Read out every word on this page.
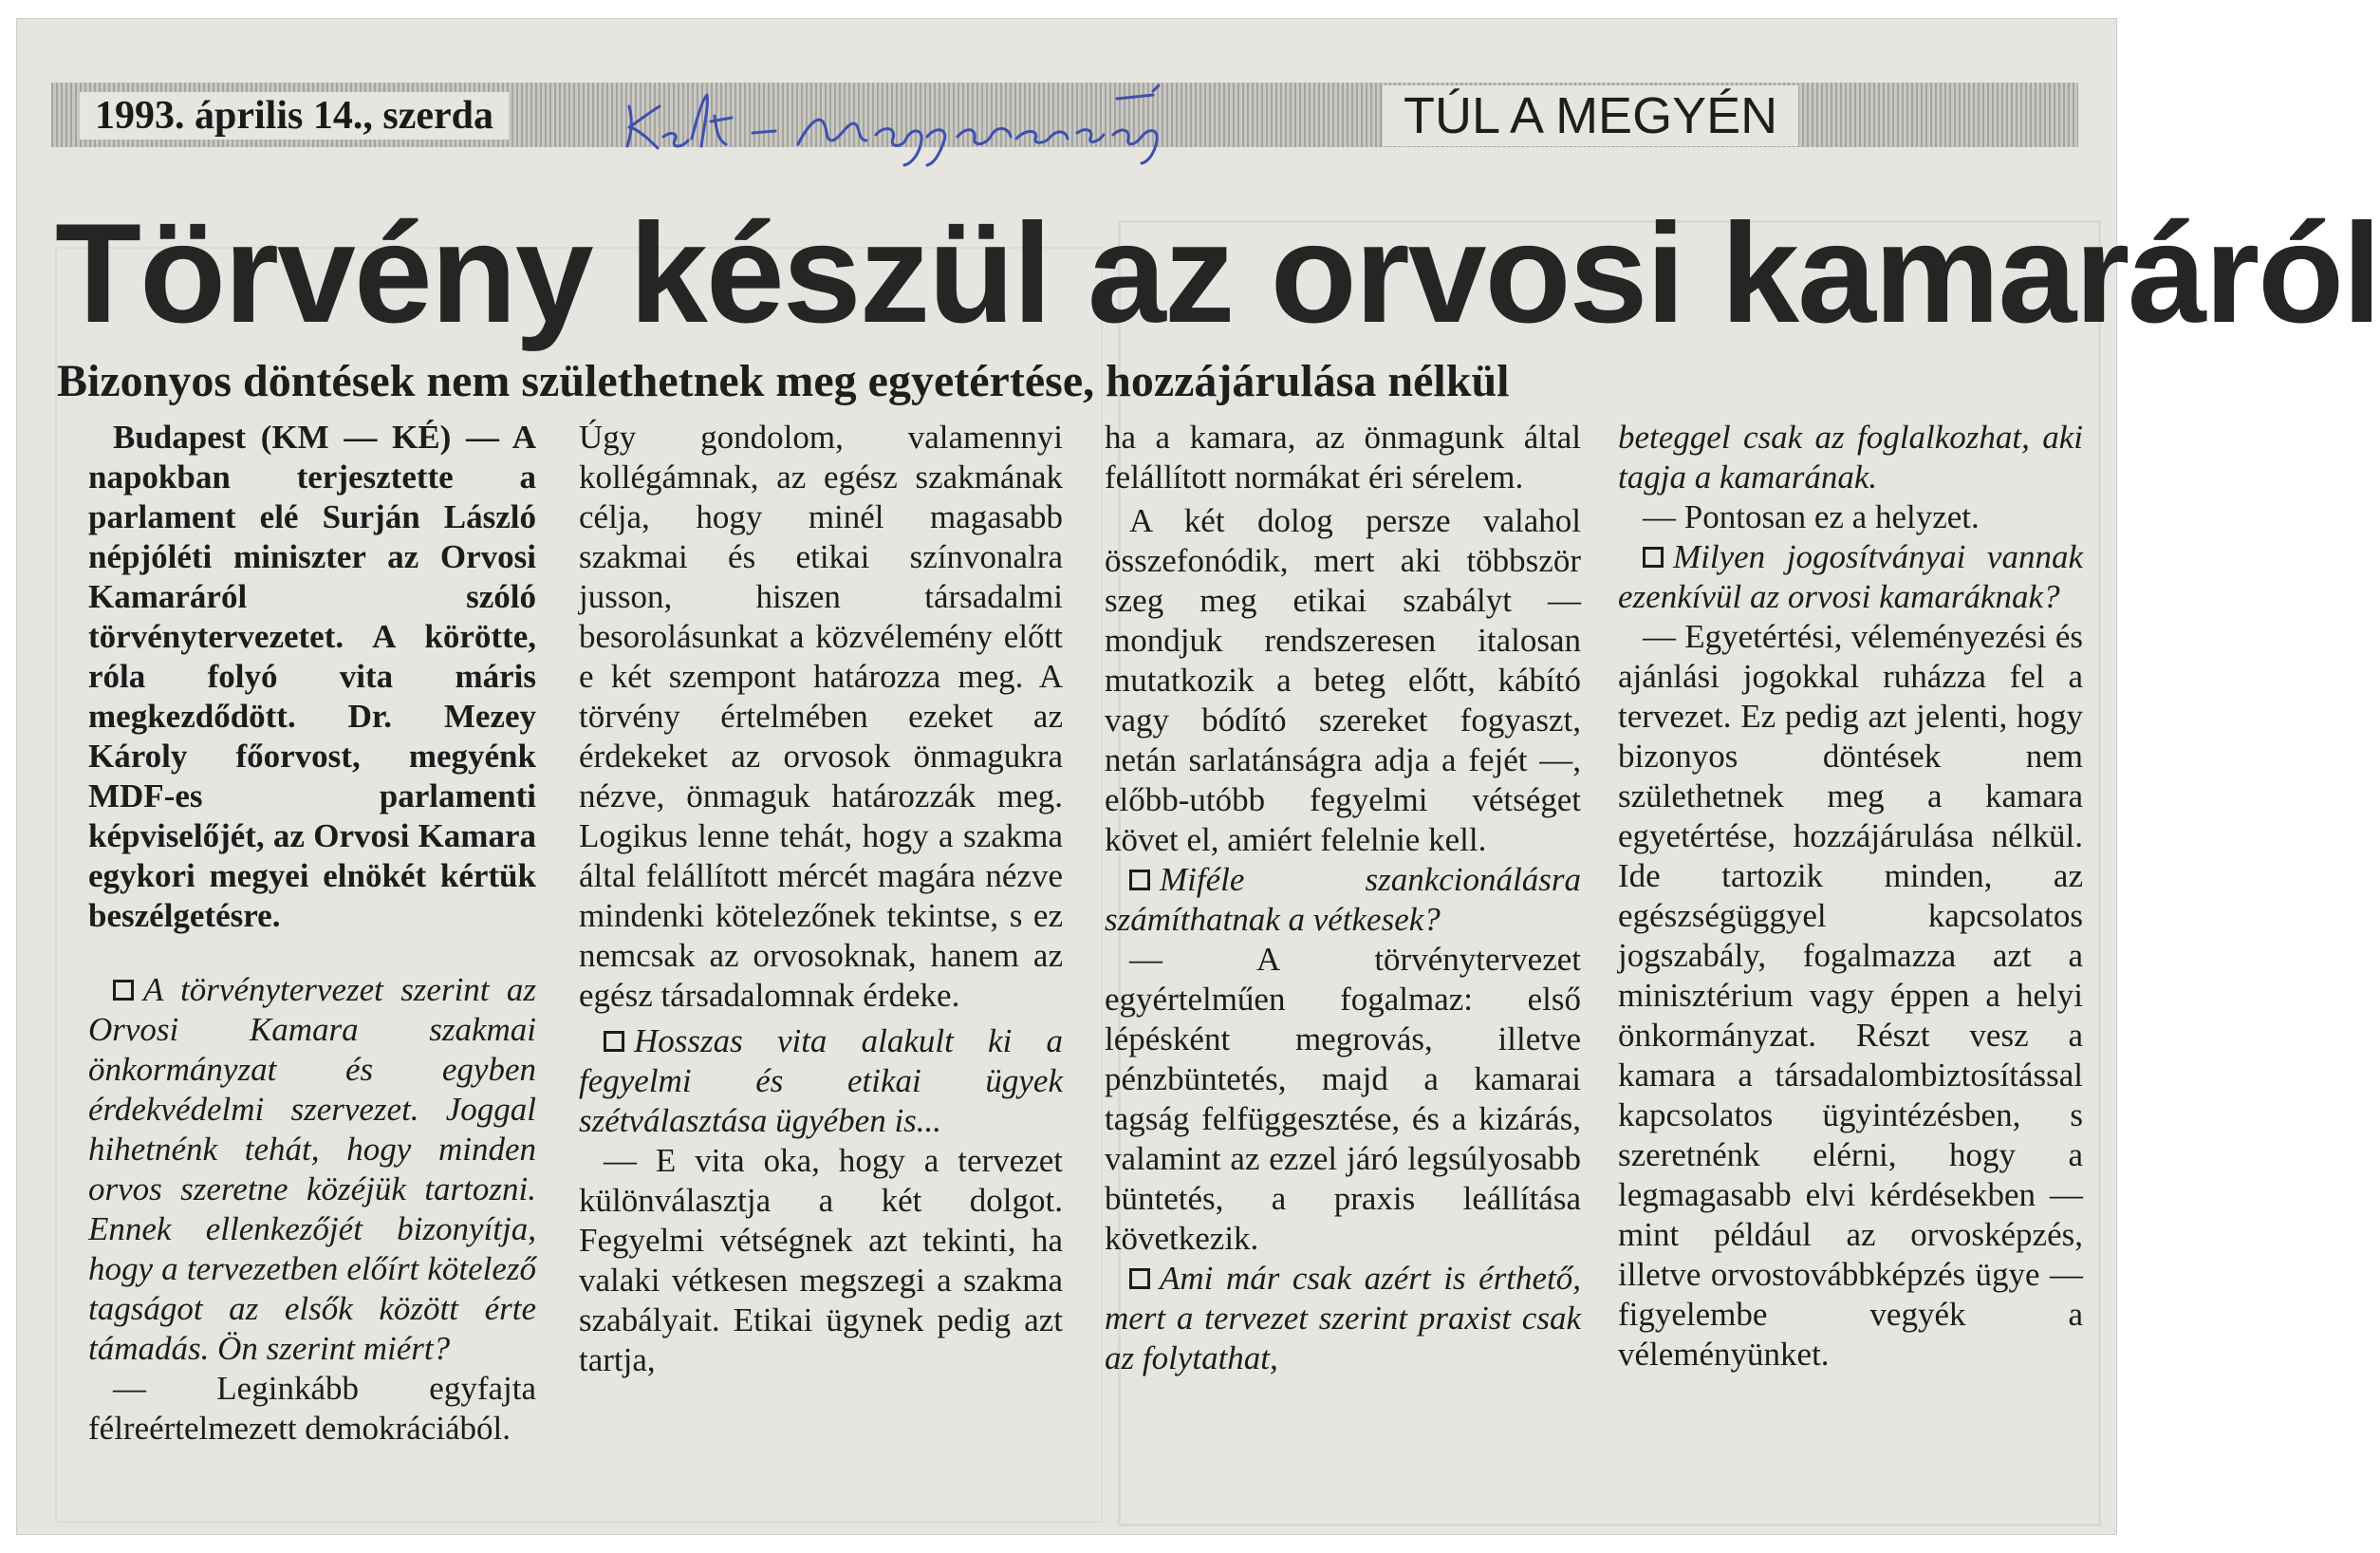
1993. április 14., szerda	TÚL A MEGYÉN
Törvény készül az orvosi kamaráról
Bizonyos döntések nem születhetnek meg egyetértése, hozzájárulása nélkül

Budapest (KM — KÉ) — A napokban terjesztette a parlament elé Surján László népjóléti miniszter az Orvosi Kamaráról szóló törvénytervezetet. A körötte, róla folyó vita máris megkezdődött. Dr. Mezey Károly főorvost, megyénk MDF-es parlamenti képviselőjét, az Orvosi Kamara egykori megyei elnökét kértük beszélgetésre.

A törvénytervezet szerint az Orvosi Kamara szakmai önkormányzat és egyben érdekvédelmi szervezet. Joggal hihetnénk tehát, hogy minden orvos szeretne közéjük tartozni. Ennek ellenkezőjét bizonyítja, hogy a tervezetben előírt kötelező tagságot az elsők között érte támadás. Ön szerint miért?

— Leginkább egyfajta félreértelmezett demokráciából.

Úgy gondolom, valamennyi kollégámnak, az egész szakmának célja, hogy minél magasabb szakmai és etikai színvonalra jusson, hiszen társadalmi besorolásunkat a közvélemény előtt e két szempont határozza meg. A törvény értelmében ezeket az érdekeket az orvosok önmagukra nézve, önmaguk határozzák meg. Logikus lenne tehát, hogy a szakma által felállított mércét magára nézve mindenki kötelezőnek tekintse, s ez nemcsak az orvosoknak, hanem az egész társadalomnak érdeke.

Hosszas vita alakult ki a fegyelmi és etikai ügyek szétválasztása ügyében is...

— E vita oka, hogy a tervezet különválasztja a két dolgot. Fegyelmi vétségnek azt tekinti, ha valaki vétkesen megszegi a szakma szabályait. Etikai ügynek pedig azt tartja,

ha a kamara, az önmagunk által felállított normákat éri sérelem.

A két dolog persze valahol összefonódik, mert aki többször szeg meg etikai szabályt — mondjuk rendszeresen italosan mutatkozik a beteg előtt, kábító vagy bódító szereket fogyaszt, netán sarlatánságra adja a fejét —, előbb-utóbb fegyelmi vétséget követ el, amiért felelnie kell.

Miféle szankcionálásra számíthatnak a vétkesek?

— A törvénytervezet egyértelműen fogalmaz: első lépésként megrovás, illetve pénzbüntetés, majd a kamarai tagság felfüggesztése, és a kizárás, valamint az ezzel járó legsúlyosabb büntetés, a praxis leállítása következik.

Ami már csak azért is érthető, mert a tervezet szerint praxist csak az folytathat,

beteggel csak az foglalkozhat, aki tagja a kamarának.

— Pontosan ez a helyzet.

Milyen jogosítványai vannak ezenkívül az orvosi kamaráknak?

— Egyetértési, véleményezési és ajánlási jogokkal ruházza fel a tervezet. Ez pedig azt jelenti, hogy bizonyos döntések nem születhetnek meg a kamara egyetértése, hozzájárulása nélkül. Ide tartozik minden, az egészségüggyel kapcsolatos jogszabály, fogalmazza azt a minisztérium vagy éppen a helyi önkormányzat. Részt vesz a kamara a társadalombiztosítással kapcsolatos ügyintézésben, s szeretnénk elérni, hogy a legmagasabb elvi kérdésekben — mint például az orvosképzés, illetve orvostovábbképzés ügye — figyelembe vegyék a véleményünket.
